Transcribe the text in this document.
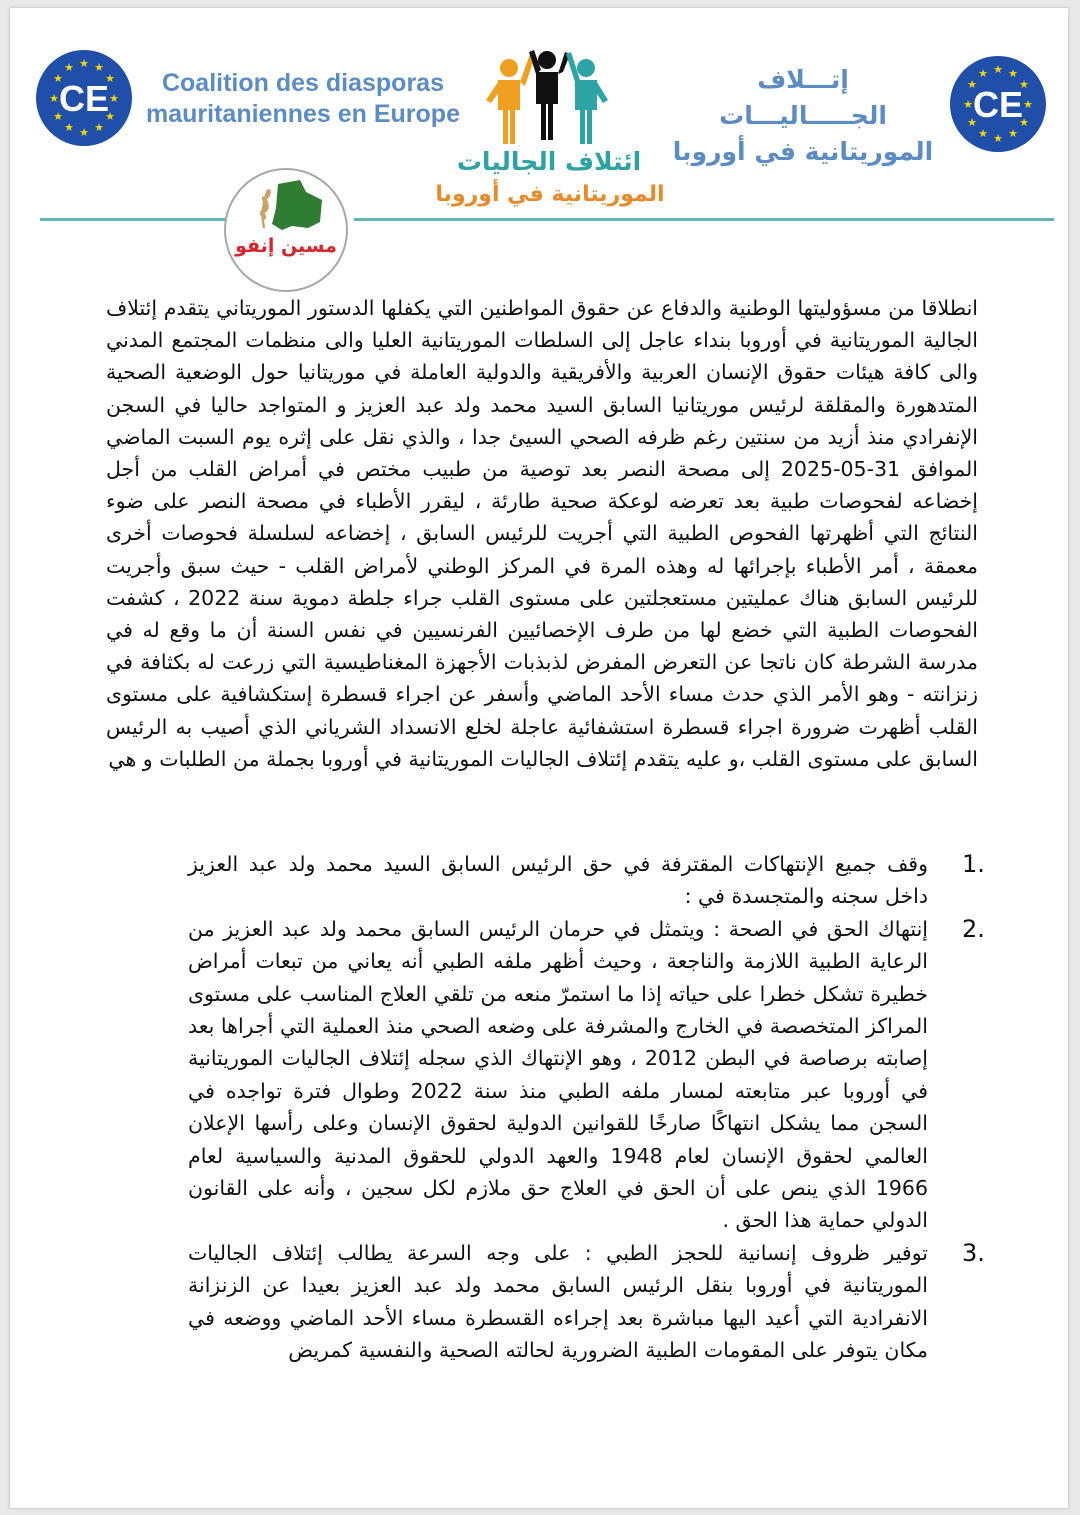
★ ★
★
★
★
★
★
★
★
★
★
★
CE	Coalition des diasporas
mauritaniennes en Europe
إتـــلاف الجـــــاليـــات
الموريتانية في أوروبا
★ ★
★
★
★
★
★
★
★
★
★
★
CE
ائتلاف الجاليات
الموريتانية في أوروبا
مسين إنفو

انطلاقا من مسؤوليتها الوطنية والدفاع عن حقوق المواطنين التي يكفلها الدستور الموريتاني يتقدم إئتلاف الجالية الموريتانية في أوروبا بنداء عاجل إلى السلطات الموريتانية العليا والى منظمات المجتمع المدني والى كافة هيئات حقوق الإنسان العربية والأفريقية والدولية العاملة في موريتانيا حول الوضعية الصحية المتدهورة والمقلقة لرئيس موريتانيا السابق السيد محمد ولد عبد العزيز و المتواجد حاليا في السجن الإنفرادي منذ أزيد من سنتين رغم ظرفه الصحي السيئ جدا ، والذي نقل على إثره يوم السبت الماضي الموافق 31-05-2025 إلى مصحة النصر بعد توصية من طبيب مختص في أمراض القلب من أجل إخضاعه لفحوصات طبية بعد تعرضه لوعكة صحية طارئة ، ليقرر الأطباء في مصحة النصر على ضوء النتائج التي أظهرتها الفحوص الطبية التي أجريت للرئيس السابق ، إخضاعه لسلسلة فحوصات أخرى معمقة ، أمر الأطباء بإجرائها له وهذه المرة في المركز الوطني لأمراض القلب - حيث سبق وأجريت للرئيس السابق هناك عمليتين مستعجلتين على مستوى القلب جراء جلطة دموية سنة 2022 ، كشفت الفحوصات الطبية التي خضع لها من طرف الإخصائيين الفرنسيين في نفس السنة أن ما وقع له في مدرسة الشرطة كان ناتجا عن التعرض المفرض لذبذبات الأجهزة المغناطيسية التي زرعت له بكثافة في زنزانته - وهو الأمر الذي حدث مساء الأحد الماضي وأسفر عن اجراء قسطرة إستكشافية على مستوى القلب أظهرت ضرورة اجراء قسطرة استشفائية عاجلة لخلع الانسداد الشرياني الذي أصيب به الرئيس السابق على مستوى القلب ،و عليه يتقدم إئتلاف الجاليات الموريتانية في أوروبا بجملة من الطلبات و هي

1.
وقف جميع الإنتهاكات المقترفة في حق الرئيس السابق السيد محمد ولد عبد العزيز داخل سجنه والمتجسدة في :
2.
إنتهاك الحق في الصحة : ويتمثل في حرمان الرئيس السابق محمد ولد عبد العزيز من الرعاية الطبية اللازمة والناجعة ، وحيث أظهر ملفه الطبي أنه يعاني من تبعات أمراض خطيرة تشكل خطرا على حياته إذا ما استمرّ منعه من تلقي العلاج المناسب على مستوى المراكز المتخصصة في الخارج والمشرفة على وضعه الصحي منذ العملية التي أجراها بعد إصابته برصاصة في البطن 2012 ، وهو الإنتهاك الذي سجله إئتلاف الجاليات الموريتانية في أوروبا عبر متابعته لمسار ملفه الطبي منذ سنة 2022 وطوال فترة تواجده في السجن مما يشكل انتهاكًا صارخًا للقوانين الدولية لحقوق الإنسان وعلى رأسها الإعلان العالمي لحقوق الإنسان لعام 1948 والعهد الدولي للحقوق المدنية والسياسية لعام 1966 الذي ينص على أن الحق في العلاج حق ملازم لكل سجين ، وأنه على القانون الدولي حماية هذا الحق .
3.
توفير ظروف إنسانية للحجز الطبي : على وجه السرعة يطالب إئتلاف الجاليات الموريتانية في أوروبا بنقل الرئيس السابق محمد ولد عبد العزيز بعيدا عن الزنزانة الانفرادية التي أعيد اليها مباشرة بعد إجراءه القسطرة مساء الأحد الماضي ووضعه في مكان يتوفر على المقومات الطبية الضرورية لحالته الصحية والنفسية كمريض
